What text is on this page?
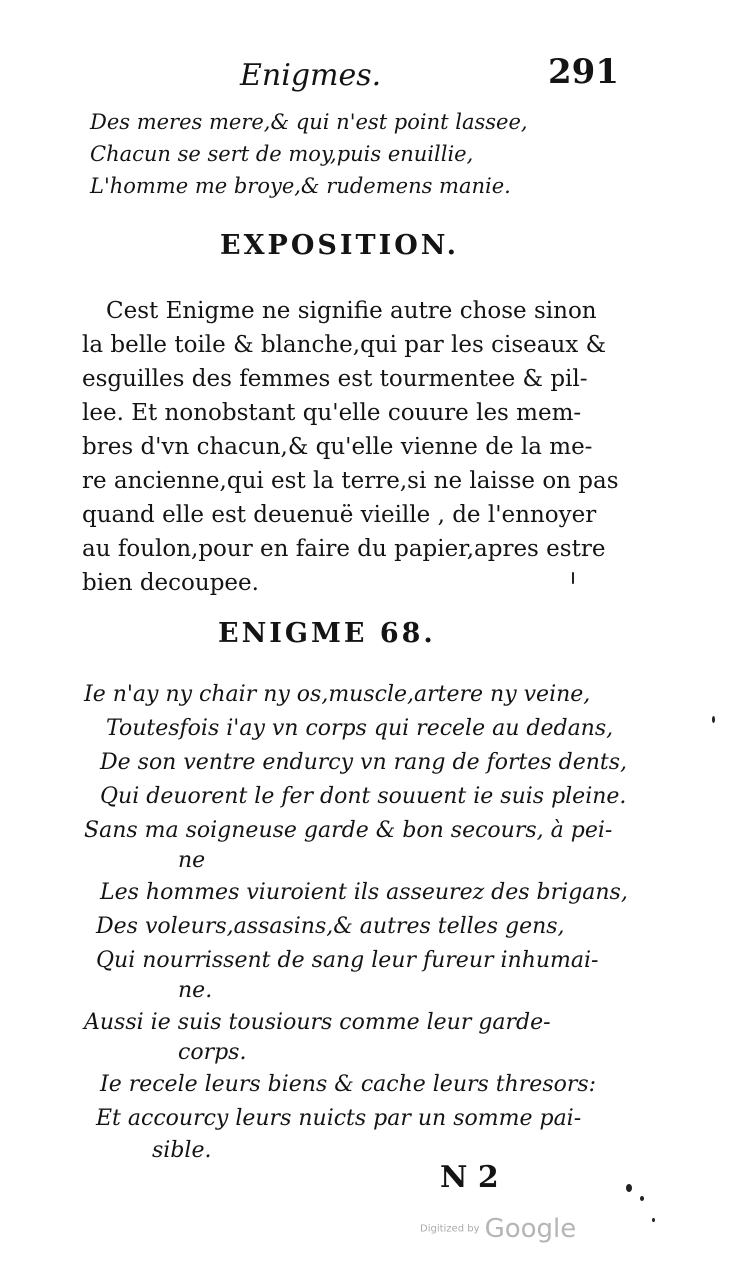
Enigmes.	291
Des meres mere,& qui n'est point lassee,
Chacun se sert de moy,puis enuillie,
L'homme me broye,& rudemens manie.
EXPOSITION.
Cest Enigme ne signifie autre chose sinon
la belle toile & blanche,qui par les ciseaux &
esguilles des femmes est tourmentee & pil-
lee. Et nonobstant qu'elle couure les mem-
bres d'vn chacun,& qu'elle vienne de la me-
re ancienne,qui est la terre,si ne laisse on pas
quand elle est deuenuë vieille , de l'ennoyer
au foulon,pour en faire du papier,apres estre
bien decoupee.
ENIGME 68.
Ie n'ay ny chair ny os,muscle,artere ny veine,
Toutesfois i'ay vn corps qui recele au dedans,
De son ventre endurcy vn rang de fortes dents,
Qui deuorent le fer dont souuent ie suis pleine.
Sans ma soigneuse garde & bon secours, à pei-
ne
Les hommes viuroient ils asseurez des brigans,
Des voleurs,assasins,& autres telles gens,
Qui nourrissent de sang leur fureur inhumai-
ne.
Aussi ie suis tousiours comme leur garde-
corps.
Ie recele leurs biens & cache leurs thresors:
Et accourcy leurs nuicts par un somme pai-
sible.
N 2
Digitized by Google
